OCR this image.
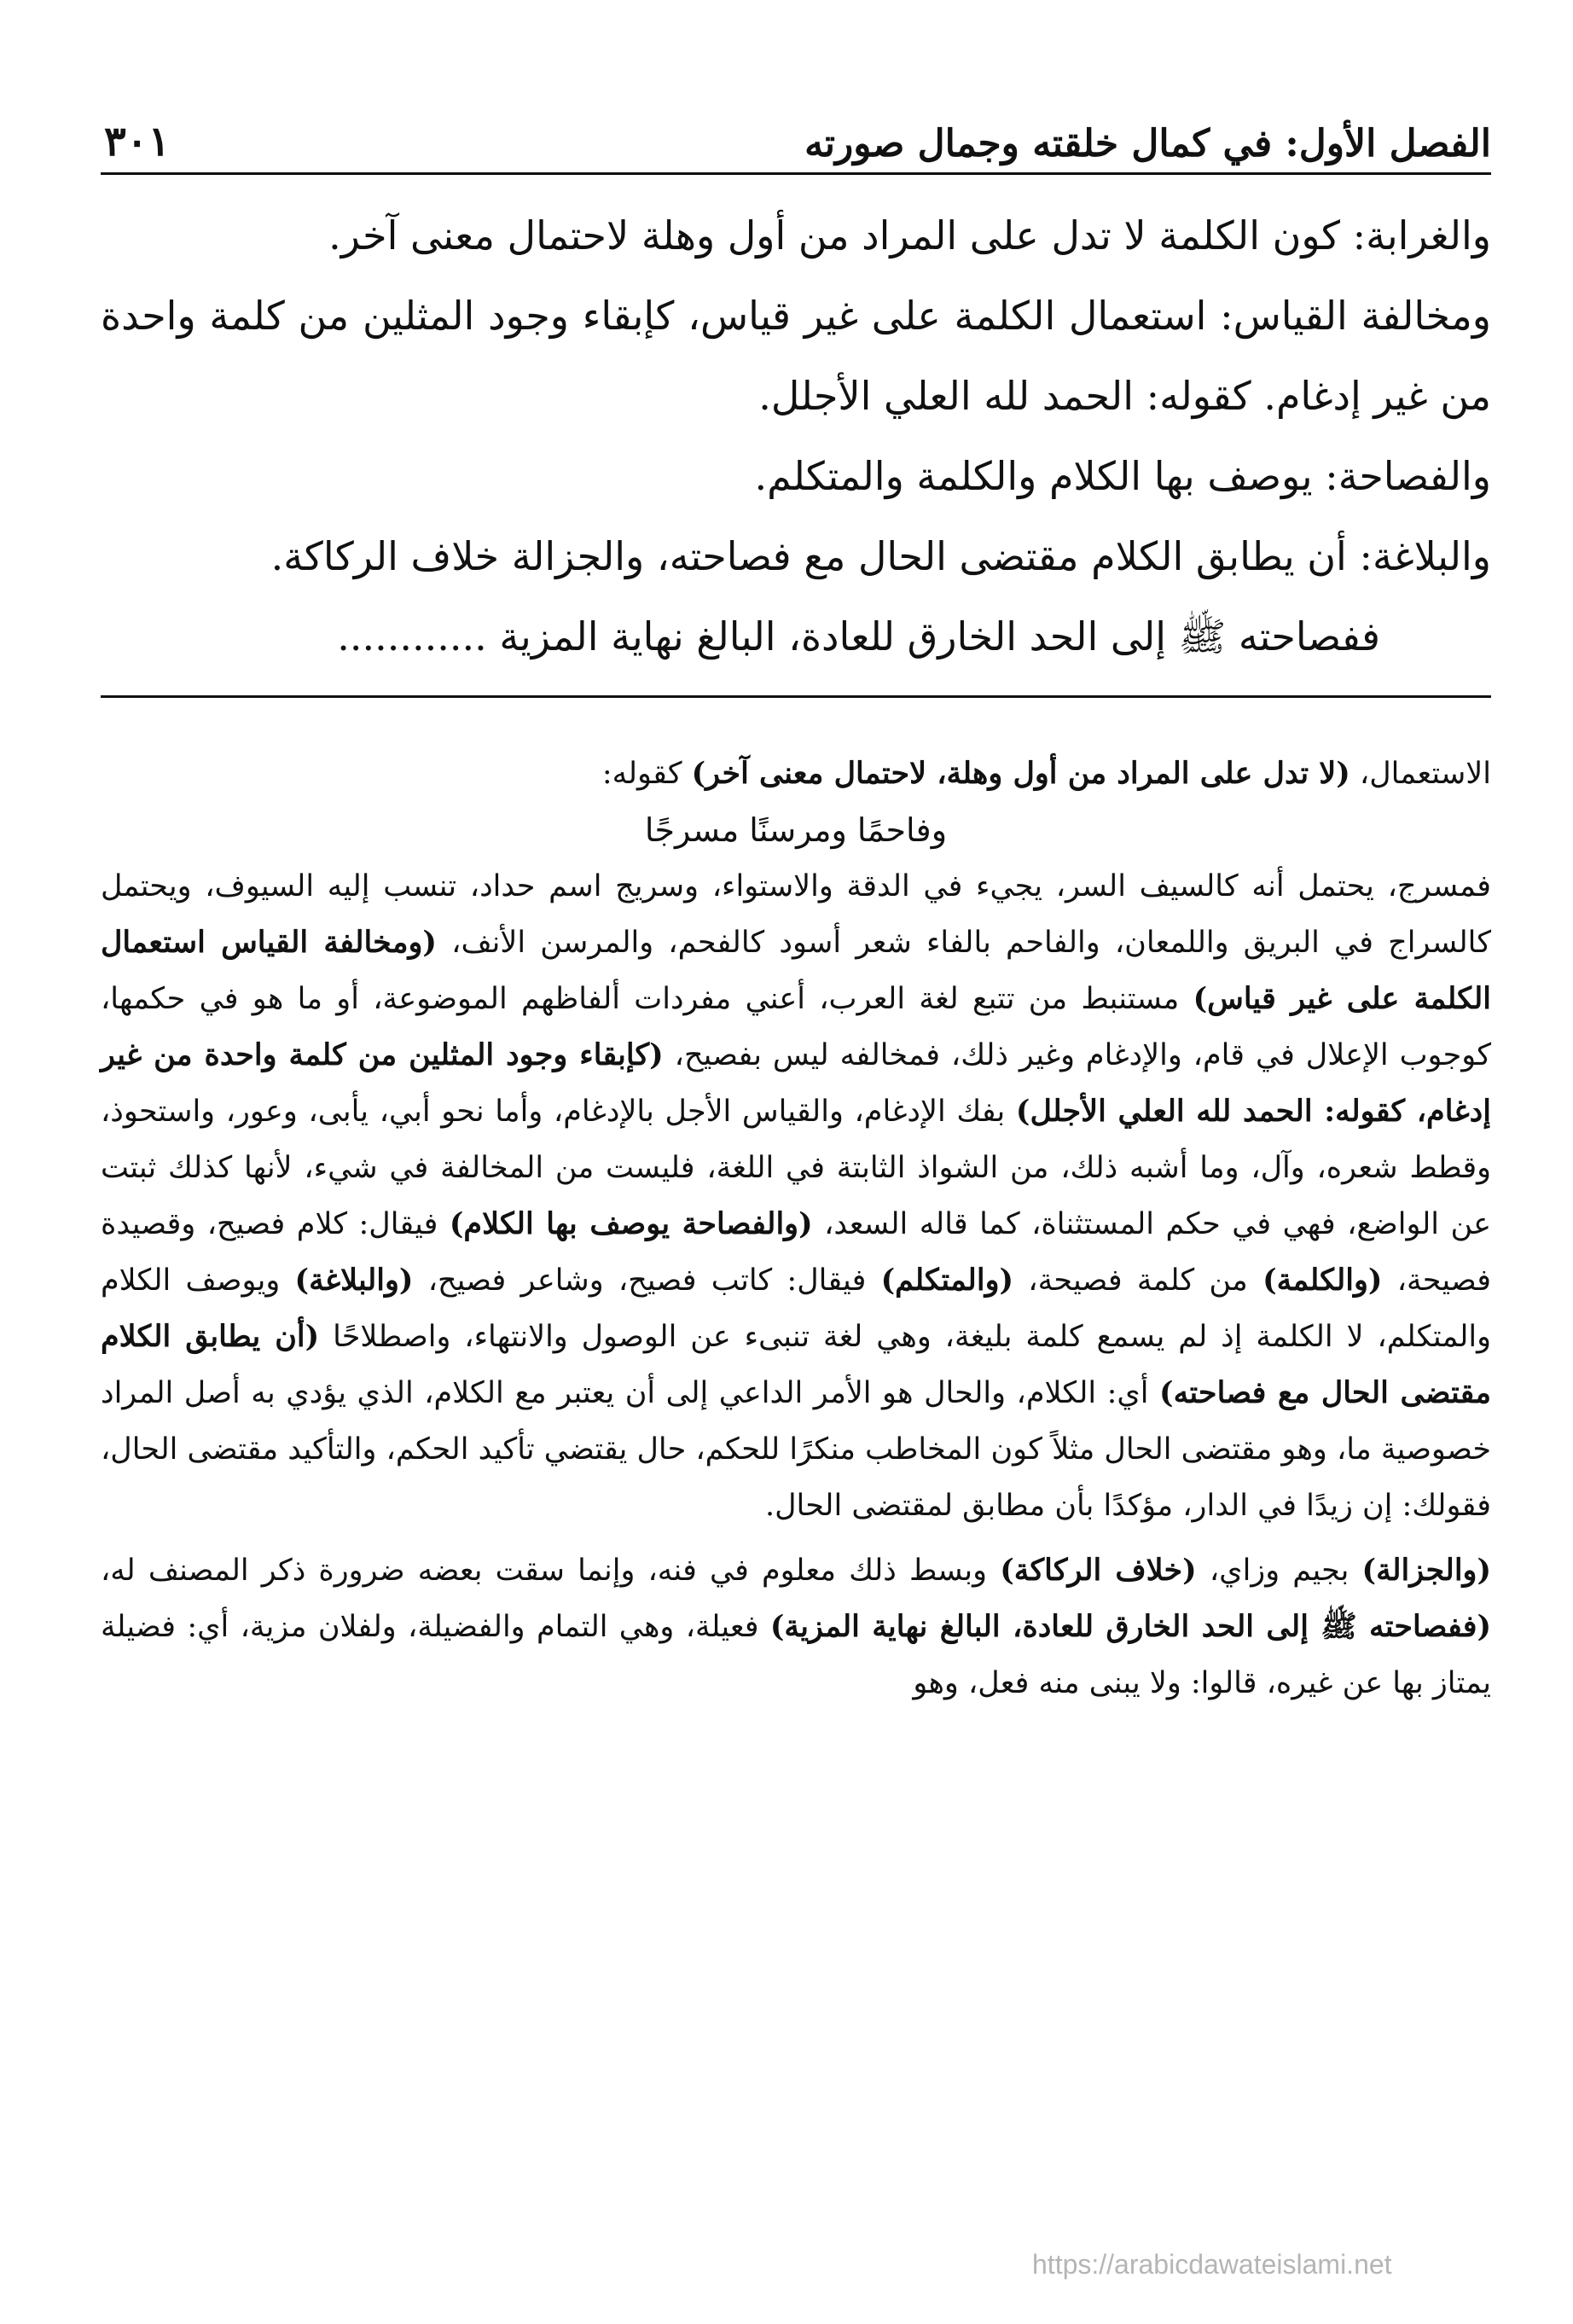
الفصل الأول: في كمال خلقته وجمال صورته
٣٠١

والغرابة: كون الكلمة لا تدل على المراد من أول وهلة لاحتمال معنى آخر.

ومخالفة القياس: استعمال الكلمة على غير قياس، كإبقاء وجود المثلين من كلمة واحدة من غير إدغام. كقوله: الحمد لله العلي الأجلل.

والفصاحة: يوصف بها الكلام والكلمة والمتكلم.

والبلاغة: أن يطابق الكلام مقتضى الحال مع فصاحته، والجزالة خلاف الركاكة.

ففصاحته ﷺ إلى الحد الخارق للعادة، البالغ نهاية المزية ............

الاستعمال، (لا تدل على المراد من أول وهلة، لاحتمال معنى آخر) كقوله:

وفاحمًا ومرسنًا مسرجًا

فمسرج، يحتمل أنه كالسيف السر، يجيء في الدقة والاستواء، وسريج اسم حداد، تنسب إليه السيوف، ويحتمل كالسراج في البريق واللمعان، والفاحم بالفاء شعر أسود كالفحم، والمرسن الأنف، (ومخالفة القياس استعمال الكلمة على غير قياس) مستنبط من تتبع لغة العرب، أعني مفردات ألفاظهم الموضوعة، أو ما هو في حكمها، كوجوب الإعلال في قام، والإدغام وغير ذلك، فمخالفه ليس بفصيح، (كإبقاء وجود المثلين من كلمة واحدة من غير إدغام، كقوله: الحمد لله العلي الأجلل) بفك الإدغام، والقياس الأجل بالإدغام، وأما نحو أبي، يأبى، وعور، واستحوذ، وقطط شعره، وآل، وما أشبه ذلك، من الشواذ الثابتة في اللغة، فليست من المخالفة في شيء، لأنها كذلك ثبتت عن الواضع، فهي في حكم المستثناة، كما قاله السعد، (والفصاحة يوصف بها الكلام) فيقال: كلام فصيح، وقصيدة فصيحة، (والكلمة) من كلمة فصيحة، (والمتكلم) فيقال: كاتب فصيح، وشاعر فصيح، (والبلاغة) ويوصف الكلام والمتكلم، لا الكلمة إذ لم يسمع كلمة بليغة، وهي لغة تنبىء عن الوصول والانتهاء، واصطلاحًا (أن يطابق الكلام مقتضى الحال مع فصاحته) أي: الكلام، والحال هو الأمر الداعي إلى أن يعتبر مع الكلام، الذي يؤدي به أصل المراد خصوصية ما، وهو مقتضى الحال مثلاً كون المخاطب منكرًا للحكم، حال يقتضي تأكيد الحكم، والتأكيد مقتضى الحال، فقولك: إن زيدًا في الدار، مؤكدًا بأن مطابق لمقتضى الحال.

(والجزالة) بجيم وزاي، (خلاف الركاكة) وبسط ذلك معلوم في فنه، وإنما سقت بعضه ضرورة ذكر المصنف له، (ففصاحته ﷺ إلى الحد الخارق للعادة، البالغ نهاية المزية) فعيلة، وهي التمام والفضيلة، ولفلان مزية، أي: فضيلة يمتاز بها عن غيره، قالوا: ولا يبنى منه فعل، وهو

https://arabicdawateislami.net
